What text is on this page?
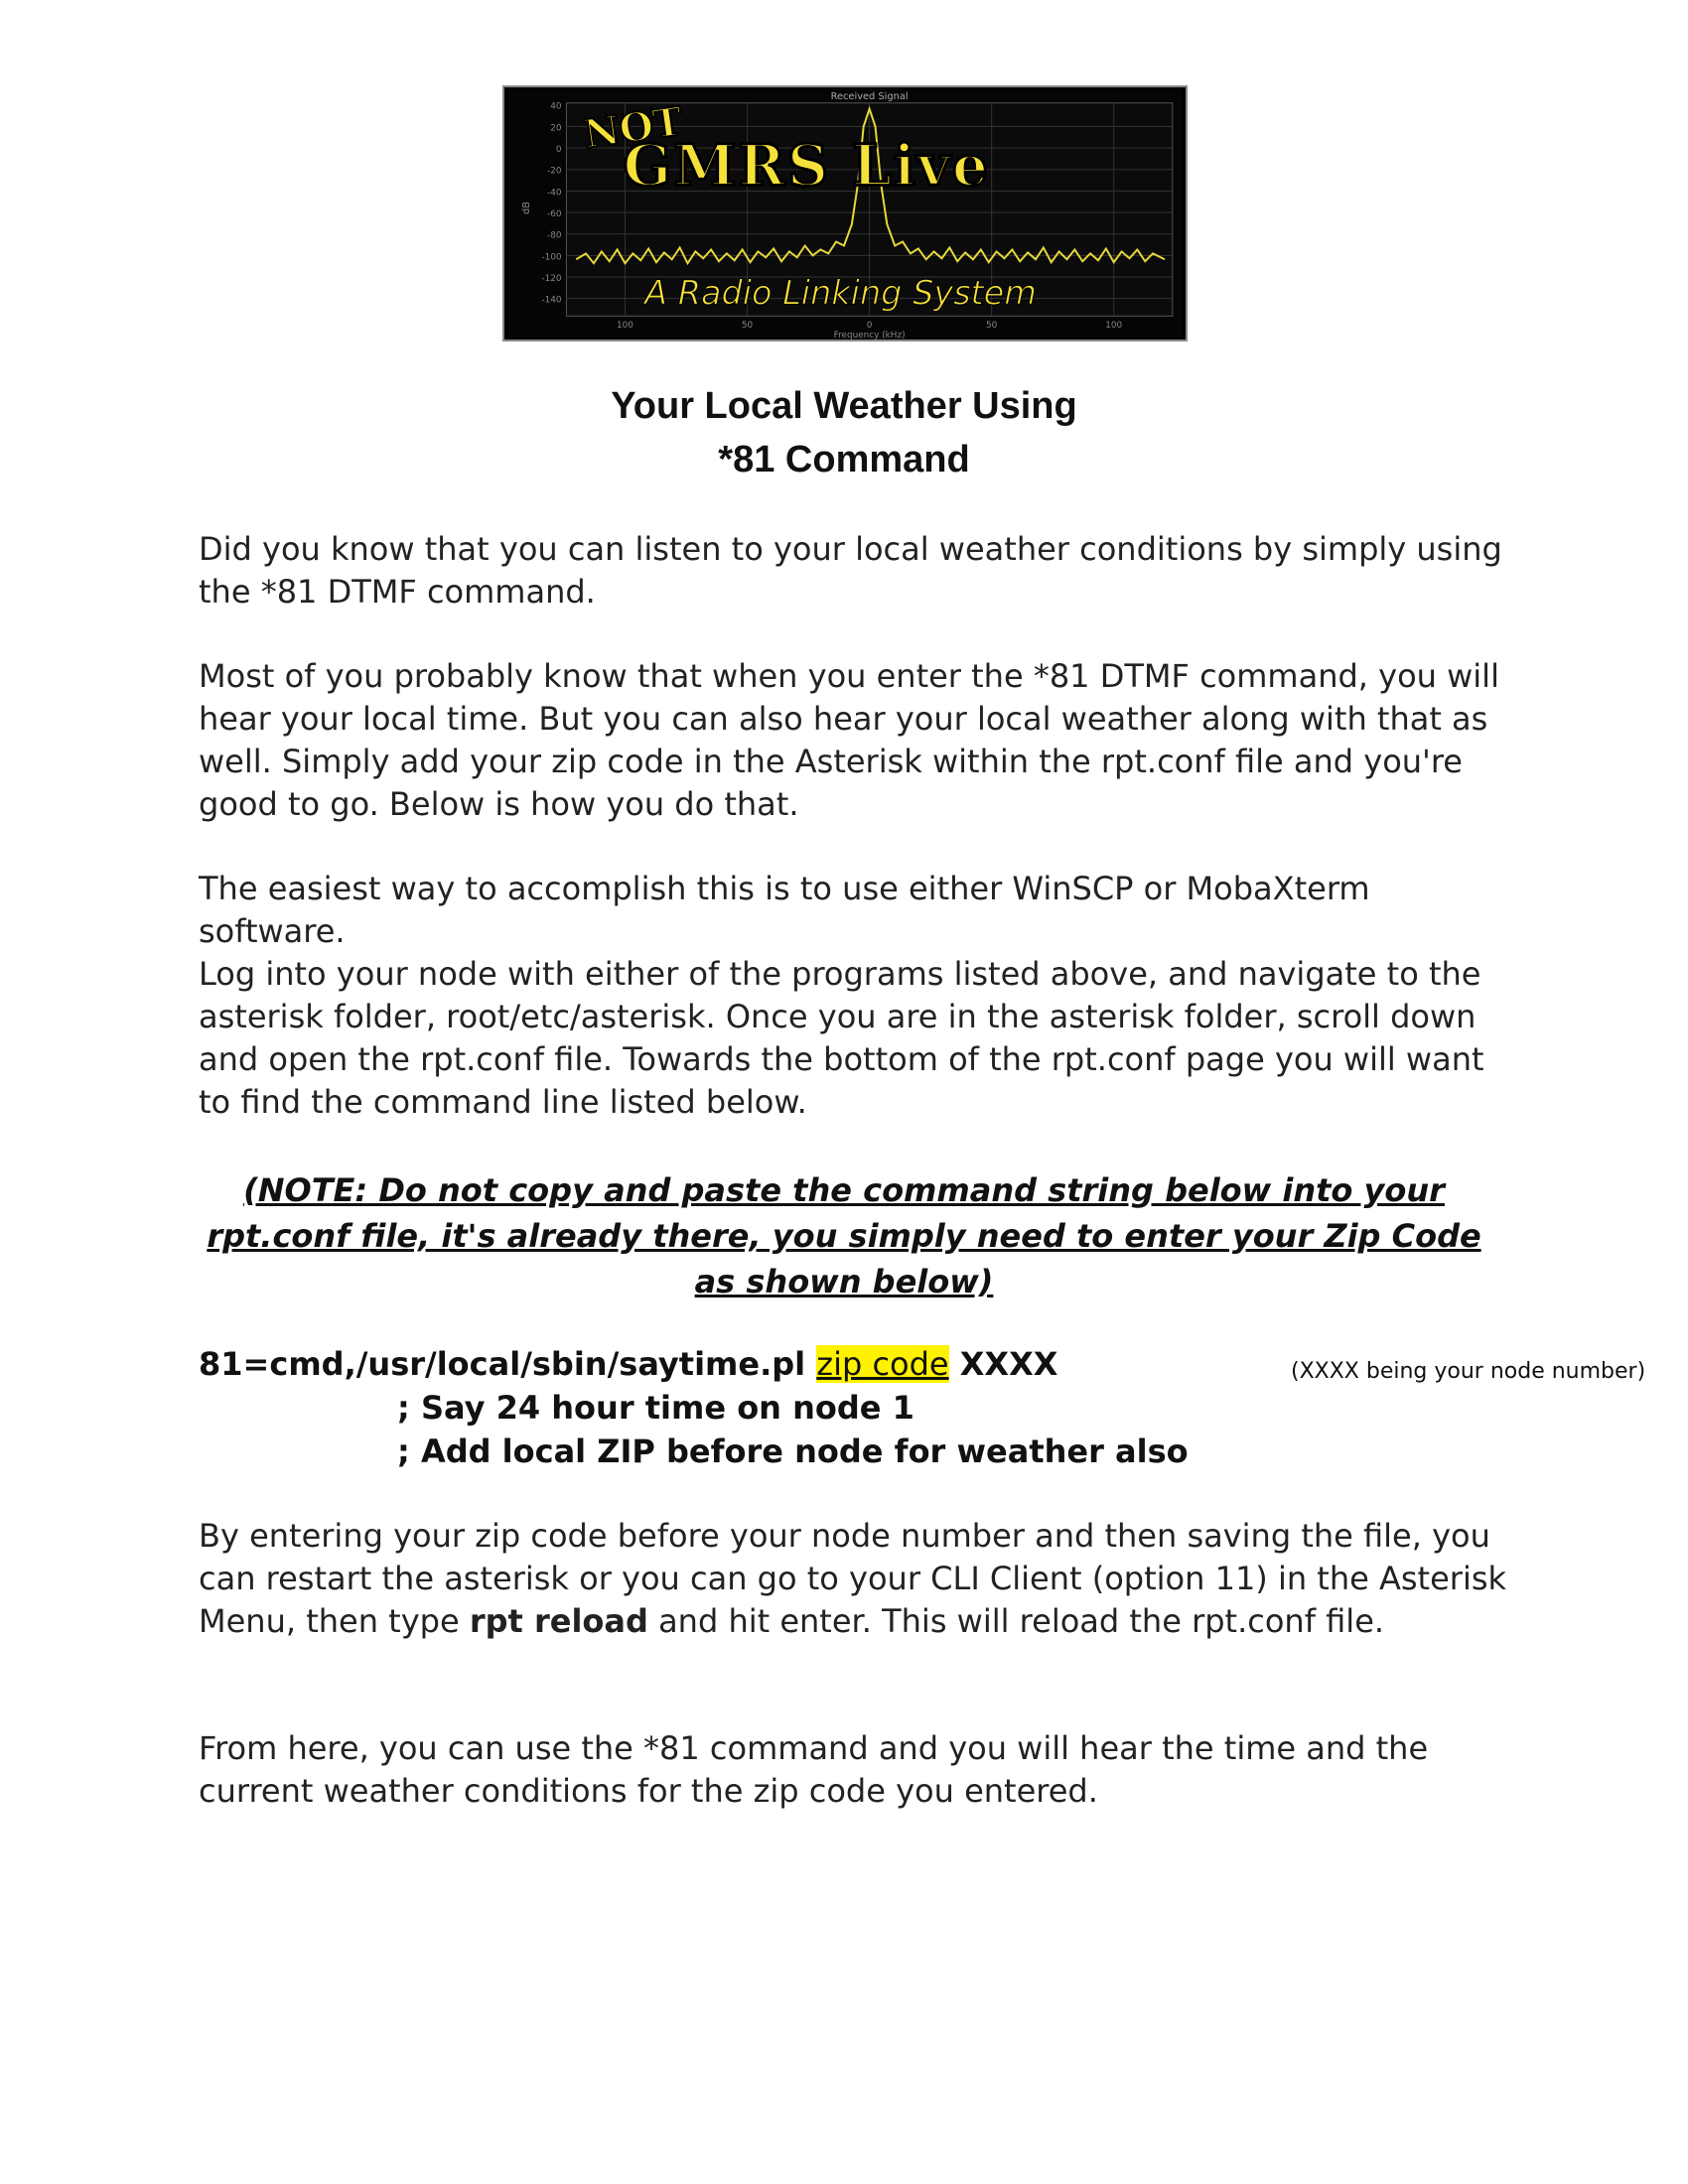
Received Signal
40
20
0
-20
-40
-60
-80
-100
-120
-140
dB
100	50	0	50	100
Frequency (kHz)
NOT
GMRS Live
A Radio Linking System
Your Local Weather Using
*81 Command

Did you know that you can listen to your local weather conditions by simply using the *81 DTMF command.

Most of you probably know that when you enter the *81 DTMF command, you will hear your local time. But you can also hear your local weather along with that as well. Simply add your zip code in the Asterisk within the rpt.conf file and you're good to go. Below is how you do that.

The easiest way to accomplish this is to use either WinSCP or MobaXterm software.

Log into your node with either of the programs listed above, and navigate to the asterisk folder, root/etc/asterisk. Once you are in the asterisk folder, scroll down and open the rpt.conf file. Towards the bottom of the rpt.conf page you will want to find the command line listed below.

(NOTE: Do not copy and paste the command string below into your rpt.conf file, it's already there, you simply need to enter your Zip Code as shown below)

81=cmd,/usr/local/sbin/saytime.pl zip code XXXX	(XXXX being your node number)
; Say 24 hour time on node 1
; Add local ZIP before node for weather also

By entering your zip code before your node number and then saving the file, you can restart the asterisk or you can go to your CLI Client (option 11) in the Asterisk Menu, then type rpt reload and hit enter. This will reload the rpt.conf file.

From here, you can use the *81 command and you will hear the time and the current weather conditions for the zip code you entered.
